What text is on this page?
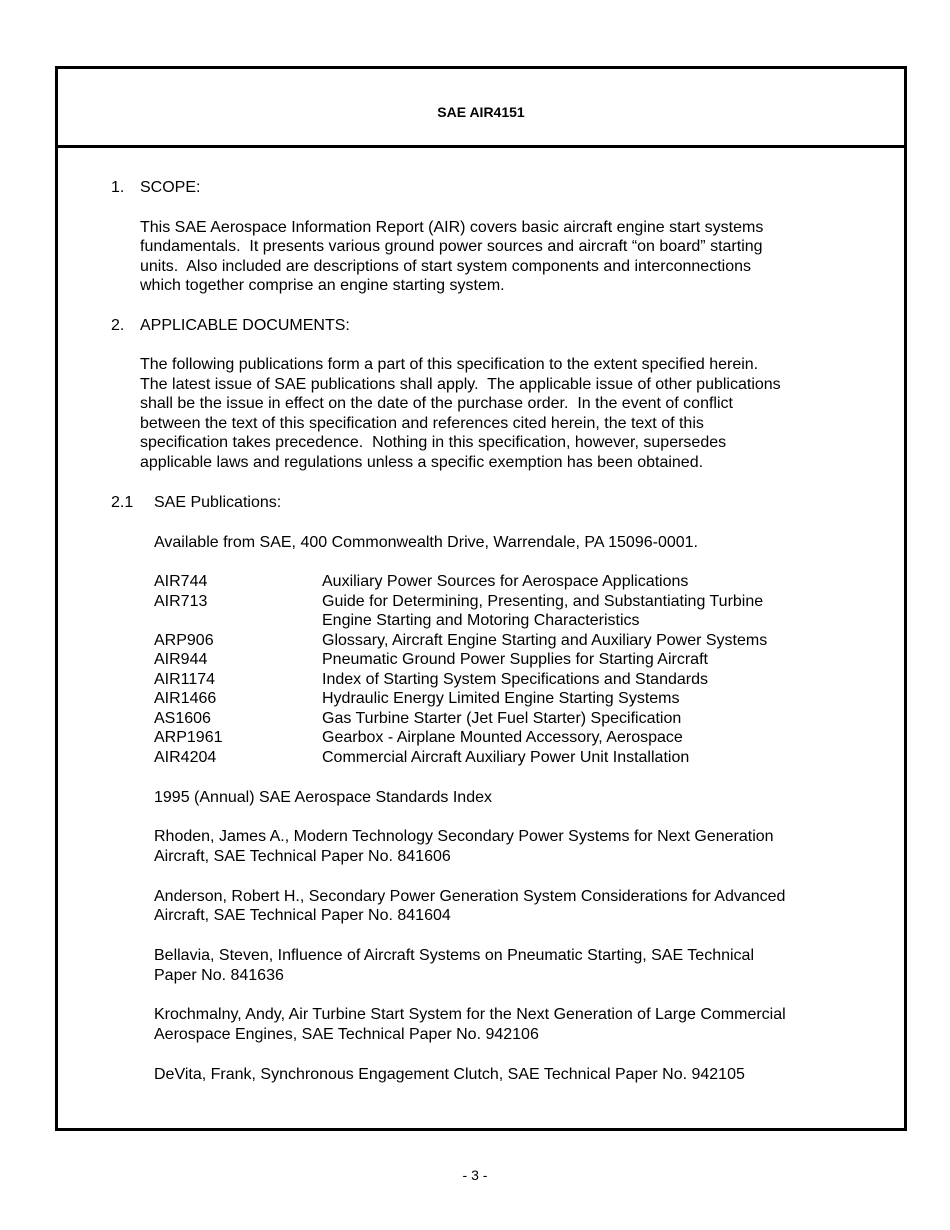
SAE AIR4151
1. SCOPE:
This SAE Aerospace Information Report (AIR) covers basic aircraft engine start systems
fundamentals.  It presents various ground power sources and aircraft “on board” starting
units.  Also included are descriptions of start system components and interconnections
which together comprise an engine starting system.
2. APPLICABLE DOCUMENTS:
The following publications form a part of this specification to the extent specified herein.
The latest issue of SAE publications shall apply.  The applicable issue of other publications
shall be the issue in effect on the date of the purchase order.  In the event of conflict
between the text of this specification and references cited herein, the text of this
specification takes precedence.  Nothing in this specification, however, supersedes
applicable laws and regulations unless a specific exemption has been obtained.
2.1 SAE Publications:
Available from SAE, 400 Commonwealth Drive, Warrendale, PA 15096-0001.
AIR744	Auxiliary Power Sources for Aerospace Applications
AIR713	Guide for Determining, Presenting, and Substantiating Turbine
Engine Starting and Motoring Characteristics
ARP906	Glossary, Aircraft Engine Starting and Auxiliary Power Systems
AIR944	Pneumatic Ground Power Supplies for Starting Aircraft
AIR1174	Index of Starting System Specifications and Standards
AIR1466	Hydraulic Energy Limited Engine Starting Systems
AS1606	Gas Turbine Starter (Jet Fuel Starter) Specification
ARP1961	Gearbox - Airplane Mounted Accessory, Aerospace
AIR4204	Commercial Aircraft Auxiliary Power Unit Installation
1995 (Annual) SAE Aerospace Standards Index
Rhoden, James A., Modern Technology Secondary Power Systems for Next Generation
Aircraft, SAE Technical Paper No. 841606
Anderson, Robert H., Secondary Power Generation System Considerations for Advanced
Aircraft, SAE Technical Paper No. 841604
Bellavia, Steven, Influence of Aircraft Systems on Pneumatic Starting, SAE Technical
Paper No. 841636
Krochmalny, Andy, Air Turbine Start System for the Next Generation of Large Commercial
Aerospace Engines, SAE Technical Paper No. 942106
DeVita, Frank, Synchronous Engagement Clutch, SAE Technical Paper No. 942105
- 3 -
